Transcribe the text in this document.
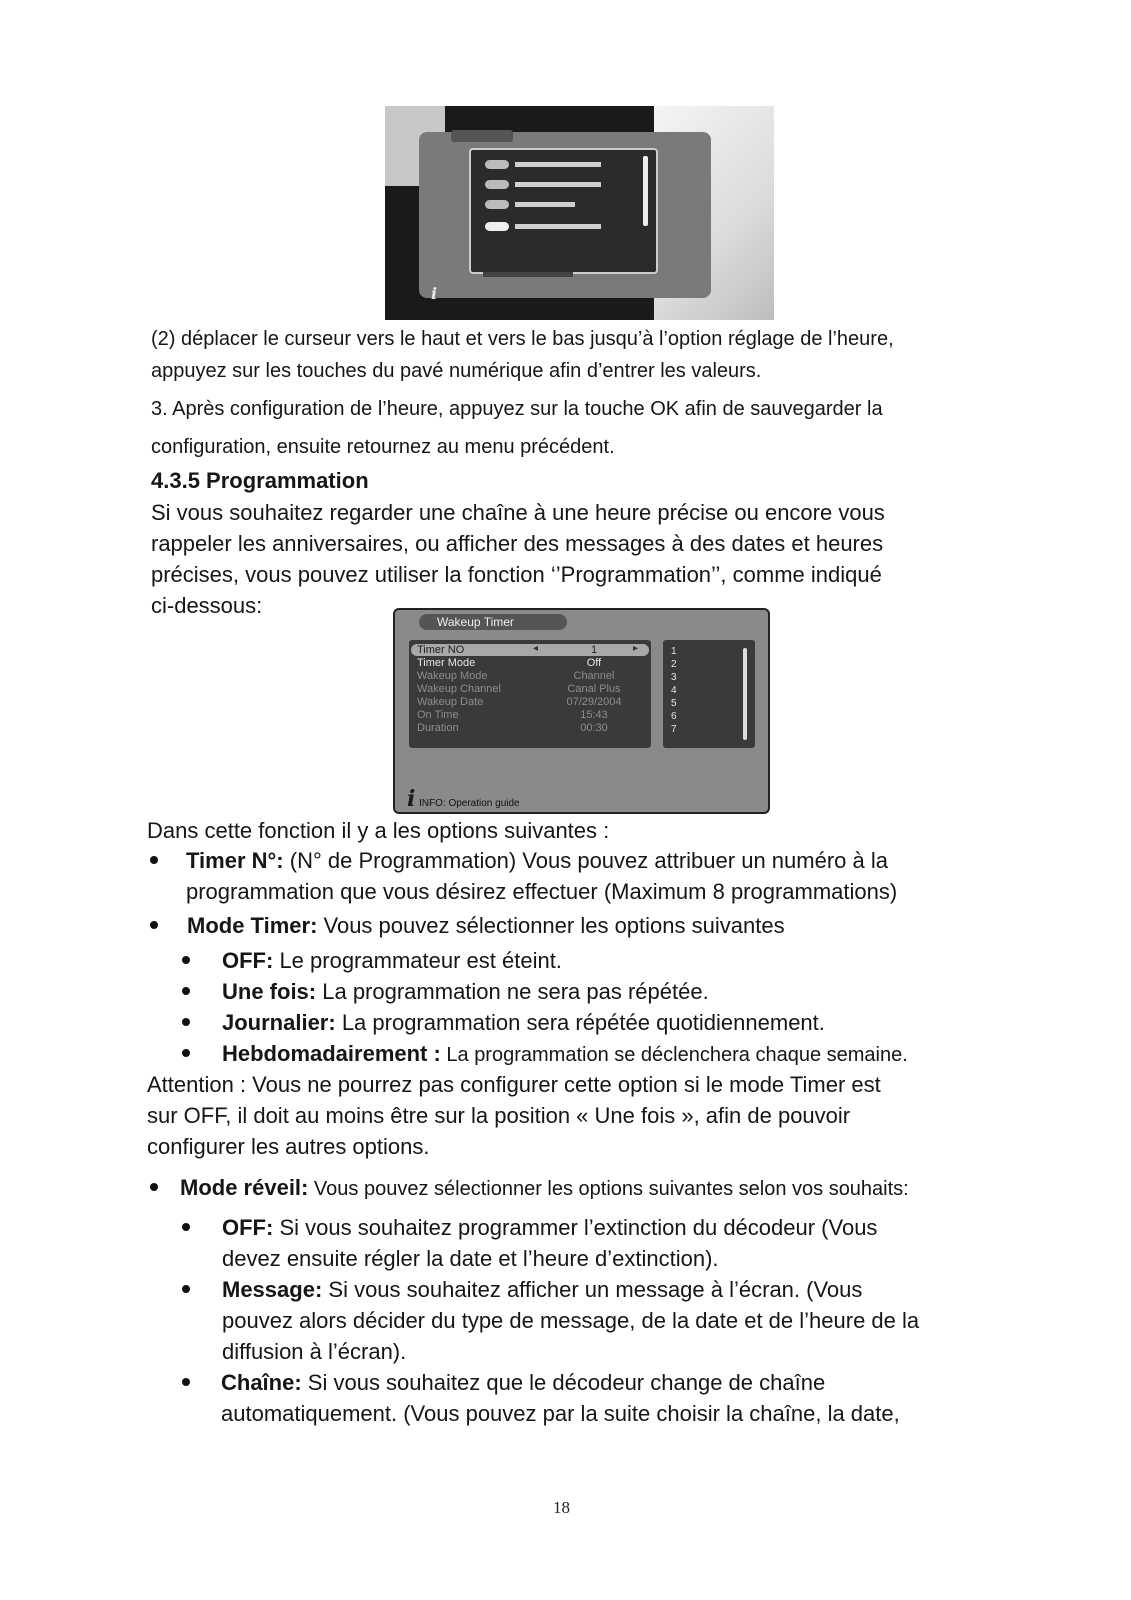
i

(2) déplacer le curseur vers le haut et vers le bas jusqu’à l’option réglage de l’heure,

appuyez sur les touches du pavé numérique afin d’entrer les valeurs.

3. Après configuration de l’heure, appuyez sur la touche OK afin de sauvegarder la

configuration, ensuite retournez au menu précédent.

4.3.5 Programmation

Si vous souhaitez regarder une chaîne à une heure précise ou encore vous

rappeler les anniversaires, ou afficher des messages à des dates et heures

précises, vous pouvez utiliser la fonction ‘’Programmation’’, comme indiqué

ci-dessous:

Wakeup Timer
◂	▸
Timer NO	1
Timer Mode	Off
Wakeup Mode	Channel
Wakeup Channel	Canal Plus
Wakeup Date	07/29/2004
On Time	15:43
Duration	00:30
1
2
3
4
5
6
7
i INFO: Operation guide

Dans cette fonction il y a les options suivantes :

Timer N°: (N° de Programmation) Vous pouvez attribuer un numéro à la

programmation que vous désirez effectuer (Maximum 8 programmations)

Mode Timer: Vous pouvez sélectionner les options suivantes

OFF: Le programmateur est éteint.

Une fois: La programmation ne sera pas répétée.

Journalier: La programmation sera répétée quotidiennement.

Hebdomadairement : La programmation se déclenchera chaque semaine.

Attention : Vous ne pourrez pas configurer cette option si le mode Timer est

sur OFF, il doit au moins être sur la position « Une fois », afin de pouvoir

configurer les autres options.

Mode réveil: Vous pouvez sélectionner les options suivantes selon vos souhaits:

OFF: Si vous souhaitez programmer l’extinction du décodeur (Vous

devez ensuite régler la date et l’heure d’extinction).

Message: Si vous souhaitez afficher un message à l’écran. (Vous

pouvez alors décider du type de message, de la date et de l’heure de la

diffusion à l’écran).

Chaîne: Si vous souhaitez que le décodeur change de chaîne

automatiquement. (Vous pouvez par la suite choisir la chaîne, la date,

18
